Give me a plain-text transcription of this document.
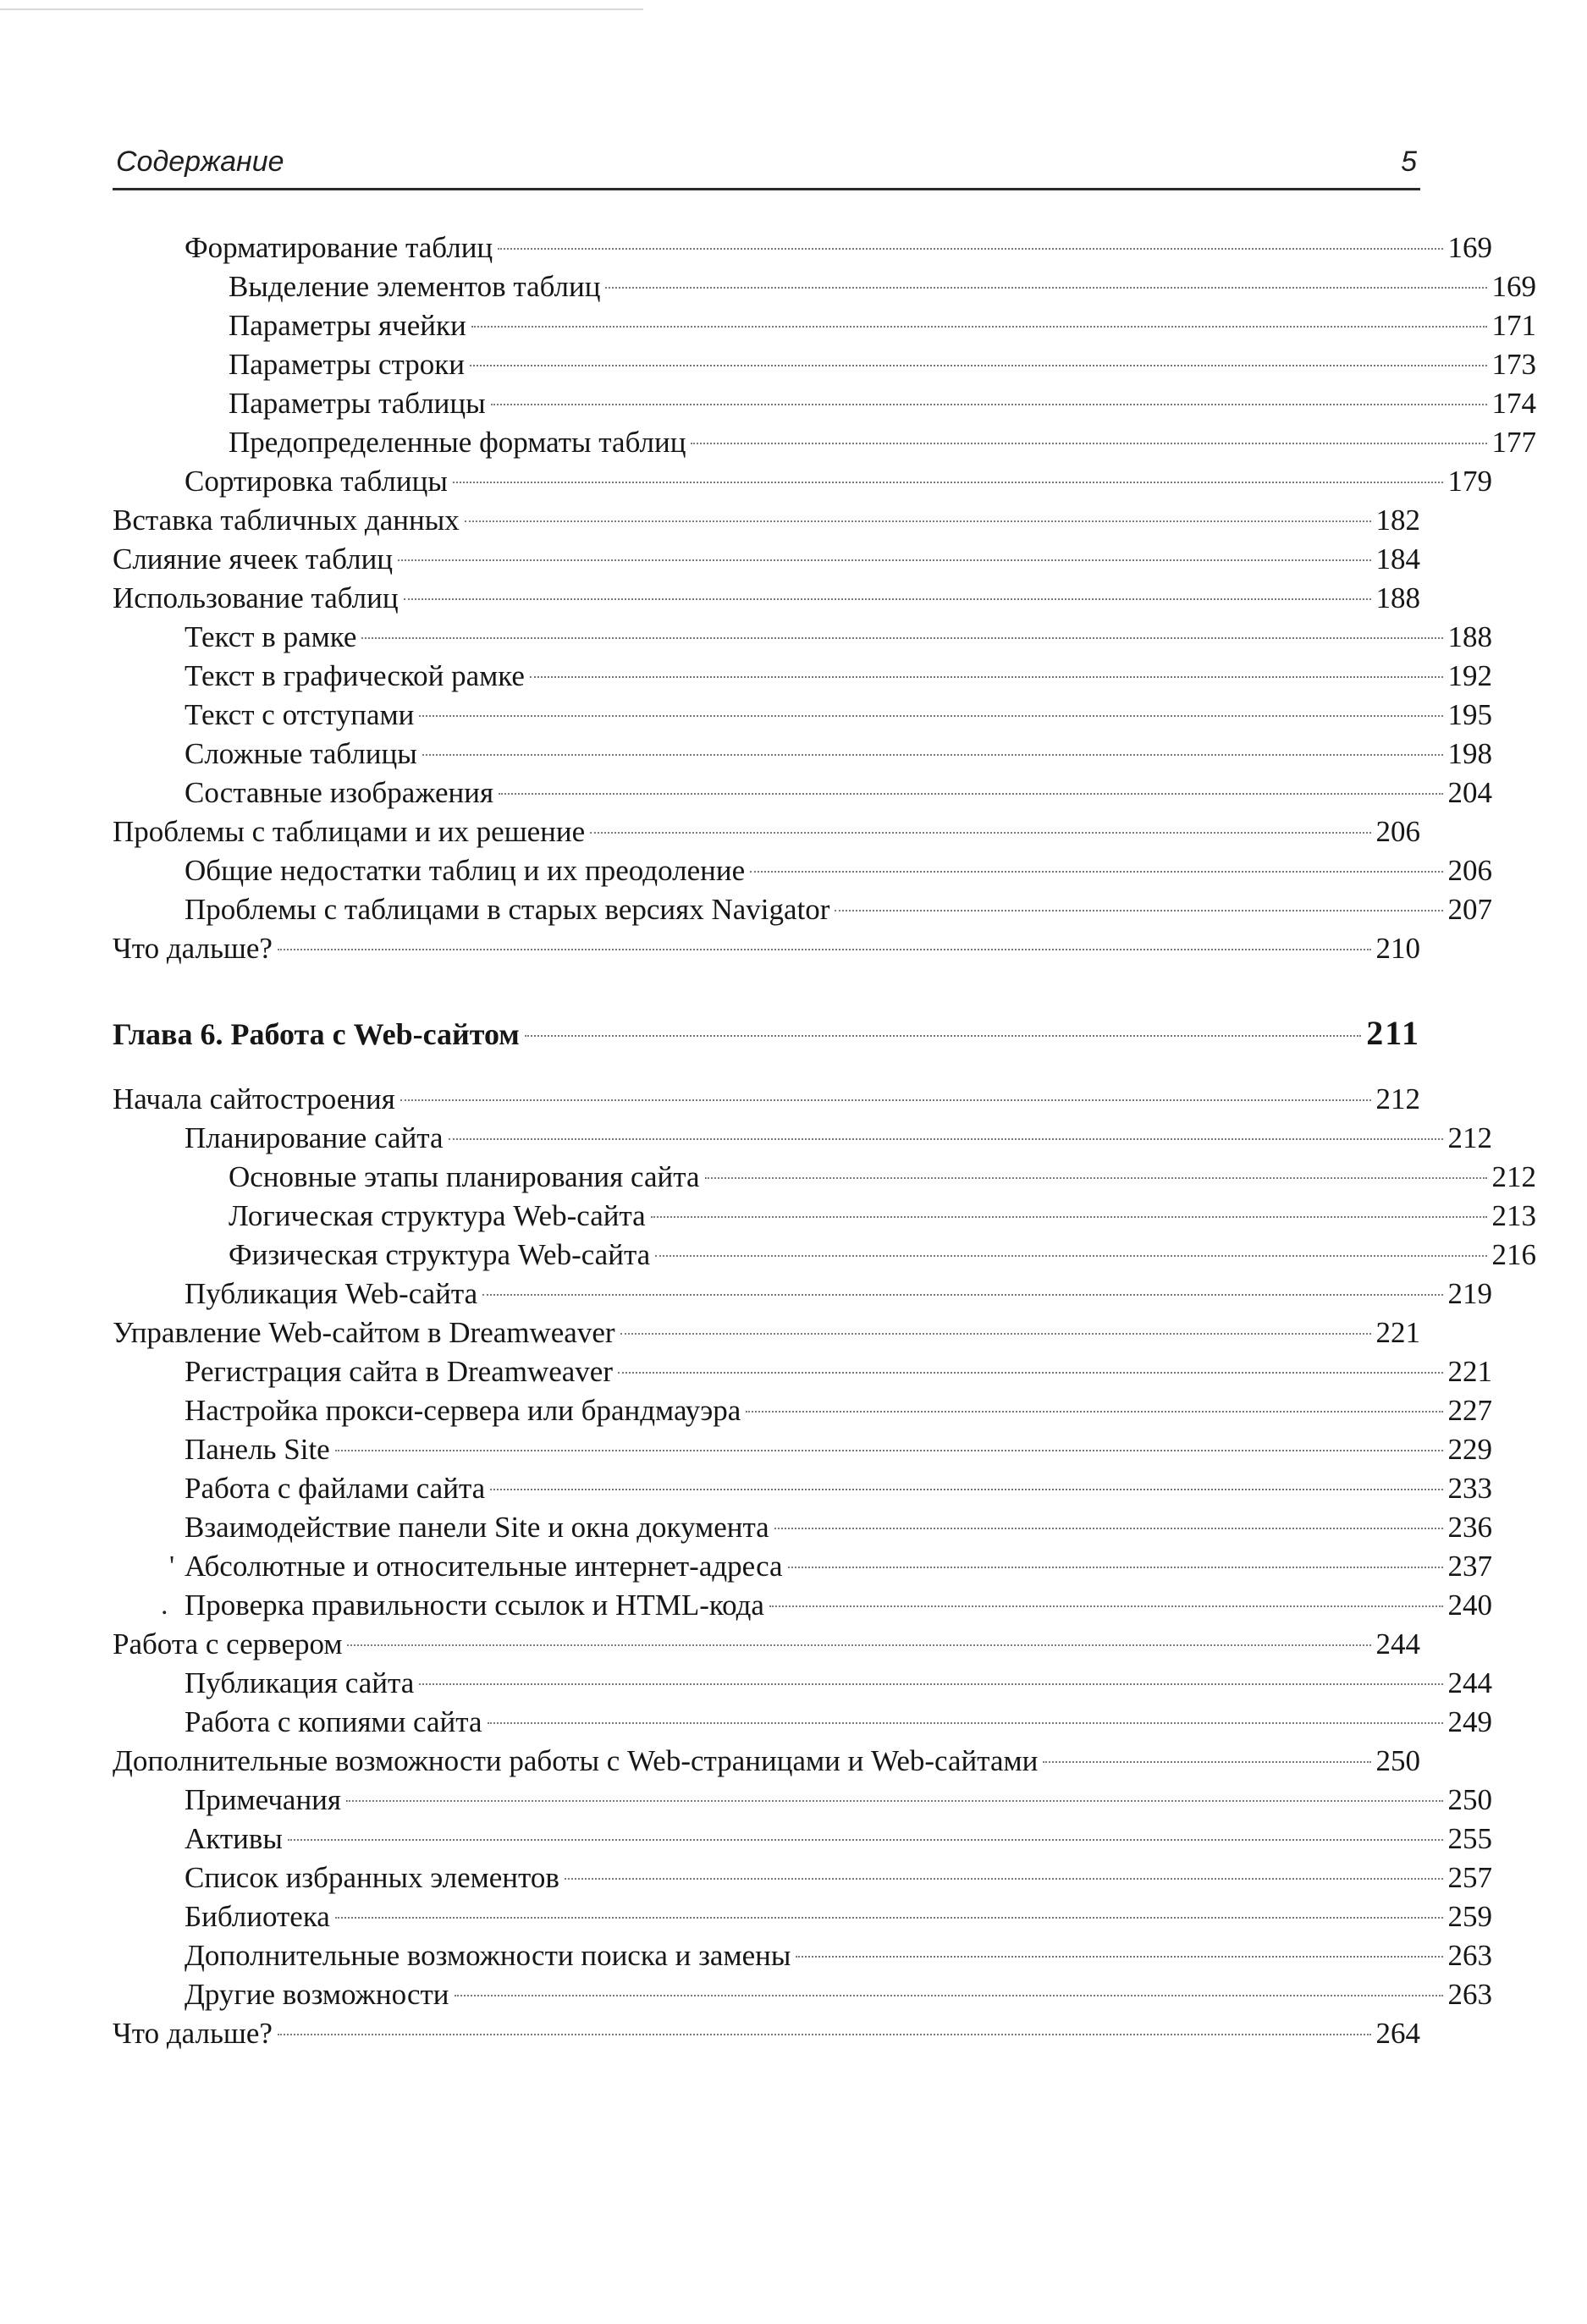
Содержание	5
Форматирование таблиц	169
Выделение элементов таблиц	169
Параметры ячейки	171
Параметры строки	173
Параметры таблицы	174
Предопределенные форматы таблиц	177
Сортировка таблицы	179
Вставка табличных данных	182
Слияние ячеек таблиц	184
Использование таблиц	188
Текст в рамке	188
Текст в графической рамке	192
Текст с отступами	195
Сложные таблицы	198
Составные изображения	204
Проблемы с таблицами и их решение	206
Общие недостатки таблиц и их преодоление	206
Проблемы с таблицами в старых версиях Navigator	207
Что дальше?	210
Глава 6. Работа с Web-сайтом	211
Начала сайтостроения	212
Планирование сайта	212
Основные этапы планирования сайта	212
Логическая структура Web-сайта	213
Физическая структура Web-сайта	216
Публикация Web-сайта	219
Управление Web-сайтом в Dreamweaver	221
Регистрация сайта в Dreamweaver	221
Настройка прокси-сервера или брандмауэра	227
Панель Site	229
Работа с файлами сайта	233
Взаимодействие панели Site и окна документа	236
Абсолютные и относительные интернет-адреса	237
Проверка правильности ссылок и HTML-кода	240
Работа с сервером	244
Публикация сайта	244
Работа с копиями сайта	249
Дополнительные возможности работы с Web-страницами и Web-сайтами	250
Примечания	250
Активы	255
Список избранных элементов	257
Библиотека	259
Дополнительные возможности поиска и замены	263
Другие возможности	263
Что дальше?	264
'
.
